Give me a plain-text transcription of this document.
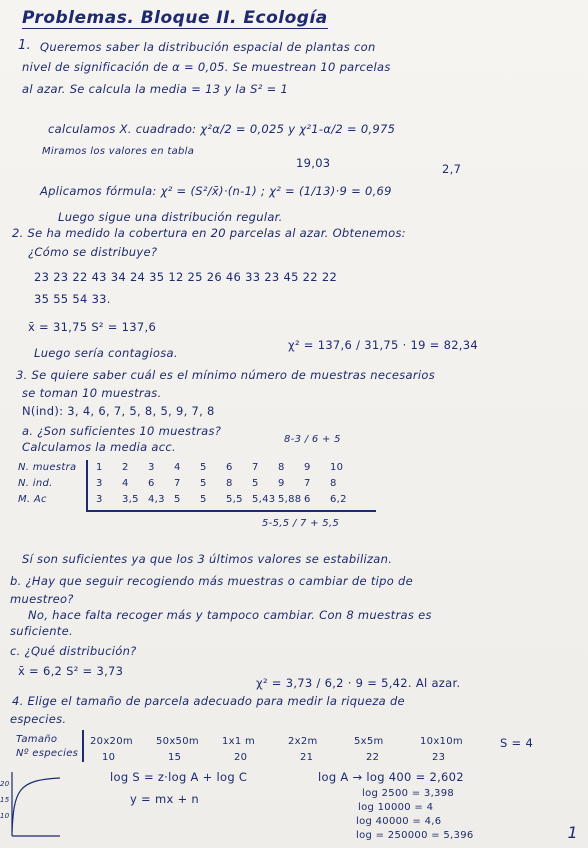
Problemas. Bloque II. Ecología
1. Queremos saber la distribución espacial de plantas con
nivel de significación de α = 0,05. Se muestrean 10 parcelas
al azar. Se calcula la media = 13 y la S² = 1
calculamos X. cuadrado: χ²α/2 = 0,025 y χ²1-α/2 = 0,975
Miramos los valores en tabla
19,03	2,7
Aplicamos fórmula: χ² = (S²/x̄)·(n-1) ; χ² = (1/13)·9 = 0,69
Luego sigue una distribución regular.
2. Se ha medido la cobertura en 20 parcelas al azar. Obtenemos:
¿Cómo se distribuye?
23 23 22 43 34 24 35 12 25 26 46 33 23 45 22 22
35 55 54 33.
x̄ = 31,75 S² = 137,6
χ² = 137,6 / 31,75 · 19 = 82,34
Luego sería contagiosa.
3. Se quiere saber cuál es el mínimo número de muestras necesarios
se toman 10 muestras.
N(ind): 3, 4, 6, 7, 5, 8, 5, 9, 7, 8
a. ¿Son suficientes 10 muestras?
Calculamos la media acc.
8-3 / 6 + 5
N. muestra
N. ind.
M. Ac
1 2 3 4 5 6 7 8 9 10
3 4 6 7 5 8 5 9 7 8
3 3,5 4,3 5 5 5,5 5,43 5,88 6 6,2
5-5,5 / 7 + 5,5
Sí son suficientes ya que los 3 últimos valores se estabilizan.
b. ¿Hay que seguir recogiendo más muestras o cambiar de tipo de
muestreo?
No, hace falta recoger más y tampoco cambiar. Con 8 muestras es
suficiente.
c. ¿Qué distribución?
x̄ = 6,2 S² = 3,73
χ² = 3,73 / 6,2 · 9 = 5,42. Al azar.
4. Elige el tamaño de parcela adecuado para medir la riqueza de
especies.
Tamaño
Nº especies
20x20m 50x50m 1x1 m	2x2m	5x5m	10x10m
10	15	20	21	22	23
S = 4
20
15
10
log S = z·log A + log C
y = mx + n
log A → log 400 = 2,602
log 2500 = 3,398
log 10000 = 4
log 40000 = 4,6
log = 250000 = 5,396	1
